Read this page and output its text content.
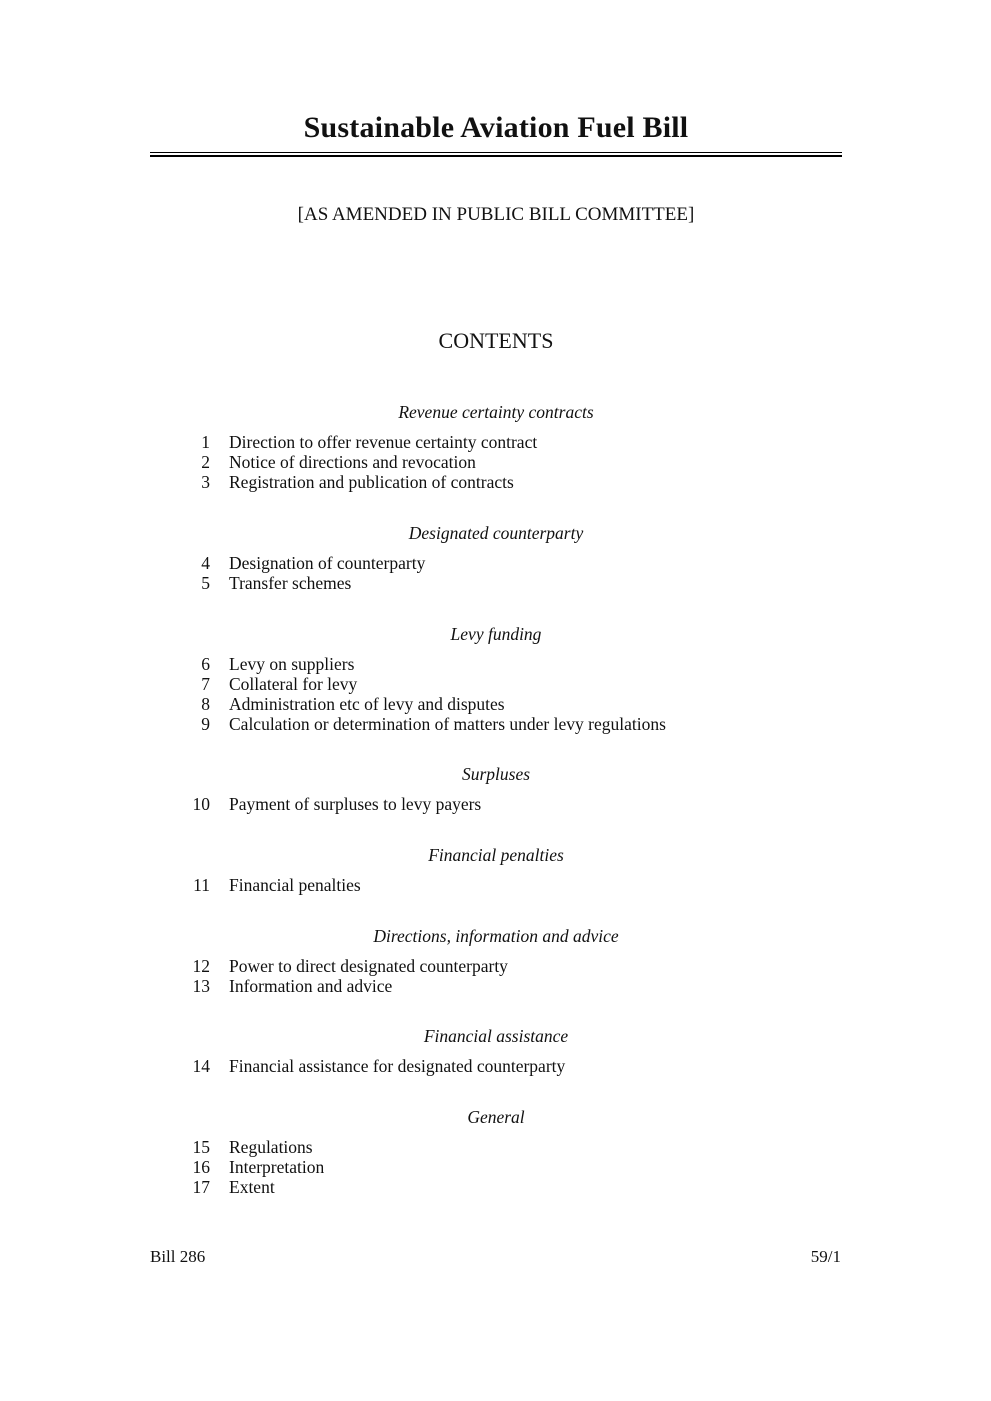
Sustainable Aviation Fuel Bill
[AS AMENDED IN PUBLIC BILL COMMITTEE]
CONTENTS
Revenue certainty contracts
1 Direction to offer revenue certainty contract
2 Notice of directions and revocation
3 Registration and publication of contracts
Designated counterparty
4 Designation of counterparty
5 Transfer schemes
Levy funding
6 Levy on suppliers
7 Collateral for levy
8 Administration etc of levy and disputes
9 Calculation or determination of matters under levy regulations
Surpluses
10 Payment of surpluses to levy payers
Financial penalties
11 Financial penalties
Directions, information and advice
12 Power to direct designated counterparty
13 Information and advice
Financial assistance
14 Financial assistance for designated counterparty
General
15 Regulations
16 Interpretation
17 Extent
Bill 286	59/1
